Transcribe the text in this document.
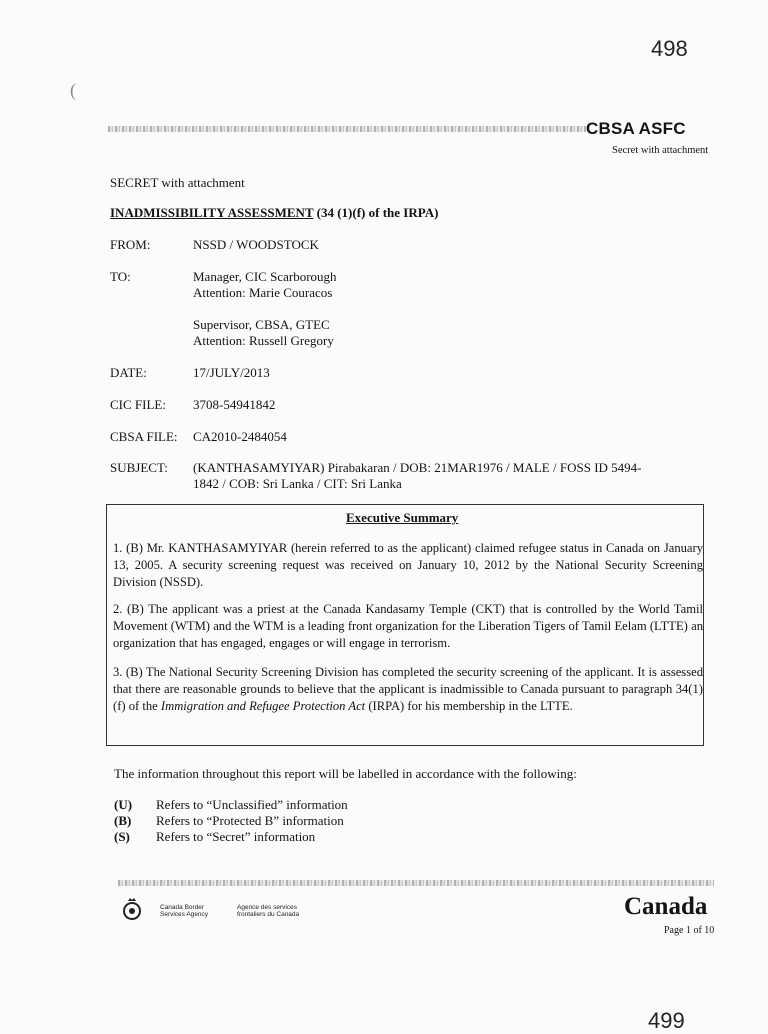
498
499
(
CBSA ASFC
Secret with attachment
SECRET with attachment
INADMISSIBILITY ASSESSMENT (34 (1)(f) of the IRPA)
FROM:	NSSD / WOODSTOCK
TO:	Manager, CIC Scarborough
Attention: Marie Couracos
Supervisor, CBSA, GTEC
Attention: Russell Gregory
DATE:	17/JULY/2013
CIC FILE: 3708-54941842
CBSA FILE: CA2010-2484054
SUBJECT: (KANTHASAMYIYAR) Pirabakaran / DOB: 21MAR1976 / MALE / FOSS ID 5494-
1842 / COB: Sri Lanka / CIT: Sri Lanka
Executive Summary
1. (B) Mr. KANTHASAMYIYAR (herein referred to as the applicant) claimed refugee status in Canada on January 13, 2005. A security screening request was received on January 10, 2012 by the National Security Screening Division (NSSD).
2. (B) The applicant was a priest at the Canada Kandasamy Temple (CKT) that is controlled by the World Tamil Movement (WTM) and the WTM is a leading front organization for the Liberation Tigers of Tamil Eelam (LTTE) an organization that has engaged, engages or will engage in terrorism.
3. (B) The National Security Screening Division has completed the security screening of the applicant. It is assessed that there are reasonable grounds to believe that the applicant is inadmissible to Canada pursuant to paragraph 34(1)(f) of the Immigration and Refugee Protection Act (IRPA) for his membership in the LTTE.
The information throughout this report will be labelled in accordance with the following:
(U) Refers to “Unclassified” information
(B) Refers to “Protected B” information
(S) Refers to “Secret” information
Canada Border
Services Agency
Agence des services
frontaliers du Canada	Canada
Page 1 of 10
